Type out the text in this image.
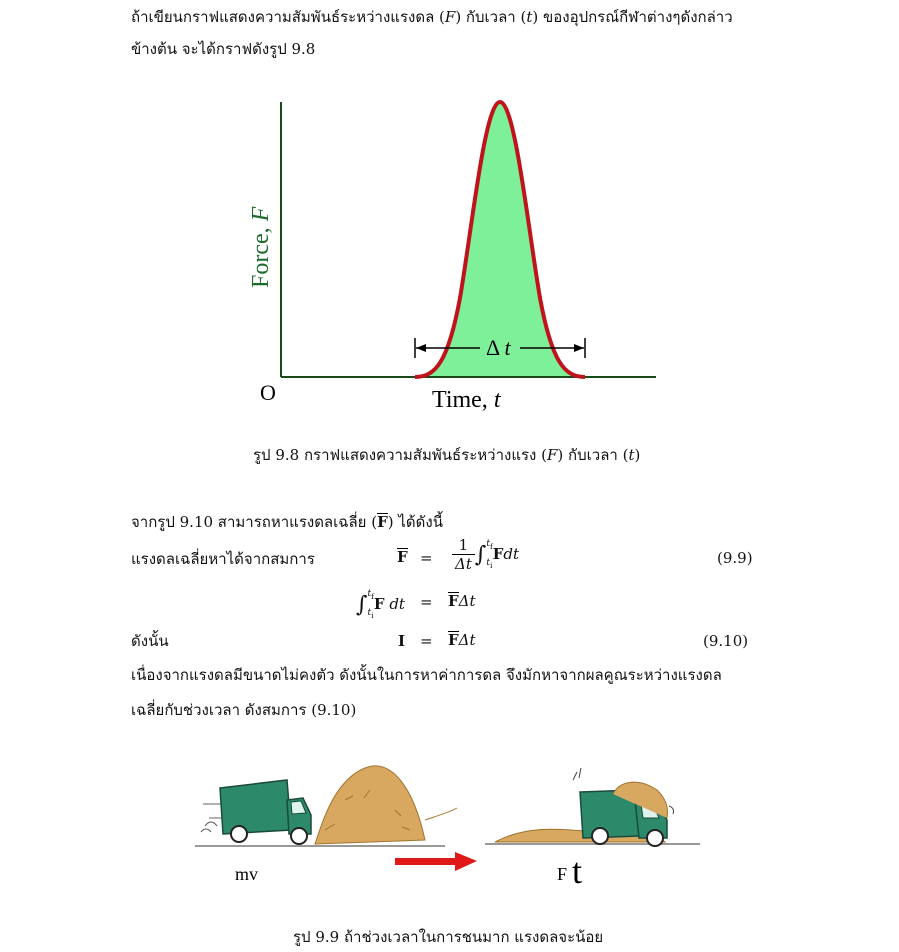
ถ้าเขียนกราฟแสดงความสัมพันธ์ระหว่างแรงดล (F) กับเวลา (t) ของอุปกรณ์กีฬาต่างๆดังกล่าว
ข้างต้น จะได้กราฟดังรูป 9.8
Δ t
Force, F
O	Time, t
รูป 9.8 กราฟแสดงความสัมพันธ์ระหว่างแรง (F) กับเวลา (t)
จากรูป 9.10 สามารถหาแรงดลเฉลี่ย (F) ได้ดังนี้
แรงดลเฉลี่ยหาได้จากสมการ	$F = \frac{1}{\Delta t} \int t_f$
$t_iFdt$	(9.9)
$\int t_f$
$t_iF$ dt = FΔt
ดังนั้น	I = FΔt	(9.10)
เนื่องจากแรงดลมีขนาดไม่คงตัว ดังนั้นในการหาค่าการดล จึงมักหาจากผลคูณระหว่างแรงดล
เฉลี่ยกับช่วงเวลา ดังสมการ (9.10)
mv	F t
รูป 9.9 ถ้าช่วงเวลาในการชนมาก แรงดลจะน้อย
